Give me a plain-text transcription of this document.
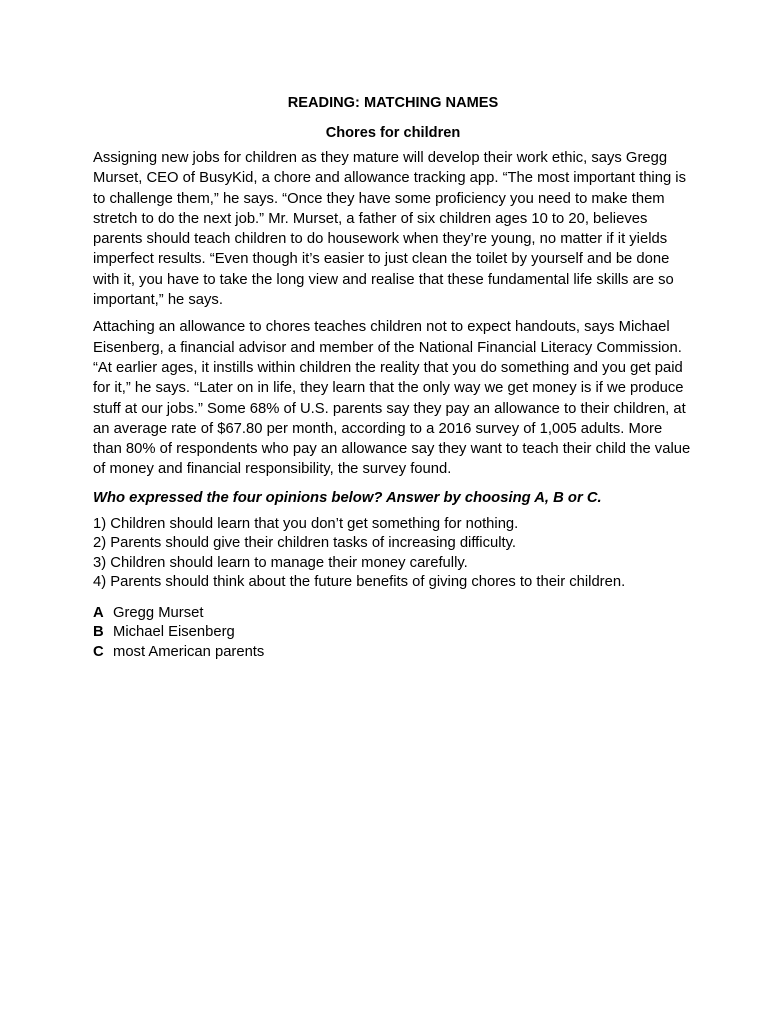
READING: MATCHING NAMES
Chores for children

Assigning new jobs for children as they mature will develop their work ethic, says Gregg Murset, CEO of BusyKid, a chore and allowance tracking app. “The most important thing is to challenge them,” he says. “Once they have some proficiency you need to make them stretch to do the next job.” Mr. Murset, a father of six children ages 10 to 20, believes parents should teach children to do housework when they’re young, no matter if it yields imperfect results. “Even though it’s easier to just clean the toilet by yourself and be done with it, you have to take the long view and realise that these fundamental life skills are so important,” he says.

Attaching an allowance to chores teaches children not to expect handouts, says Michael Eisenberg, a financial advisor and member of the National Financial Literacy Commission. “At earlier ages, it instills within children the reality that you do something and you get paid for it,” he says. “Later on in life, they learn that the only way we get money is if we produce stuff at our jobs.” Some 68% of U.S. parents say they pay an allowance to their children, at an average rate of $67.80 per month, according to a 2016 survey of 1,005 adults. More than 80% of respondents who pay an allowance say they want to teach their child the value of money and financial responsibility, the survey found.

Who expressed the four opinions below? Answer by choosing A, B or C.

1) Children should learn that you don’t get something for nothing.
2) Parents should give their children tasks of increasing difficulty.
3) Children should learn to manage their money carefully.
4) Parents should think about the future benefits of giving chores to their children.
A Gregg Murset
B Michael Eisenberg
C most American parents
